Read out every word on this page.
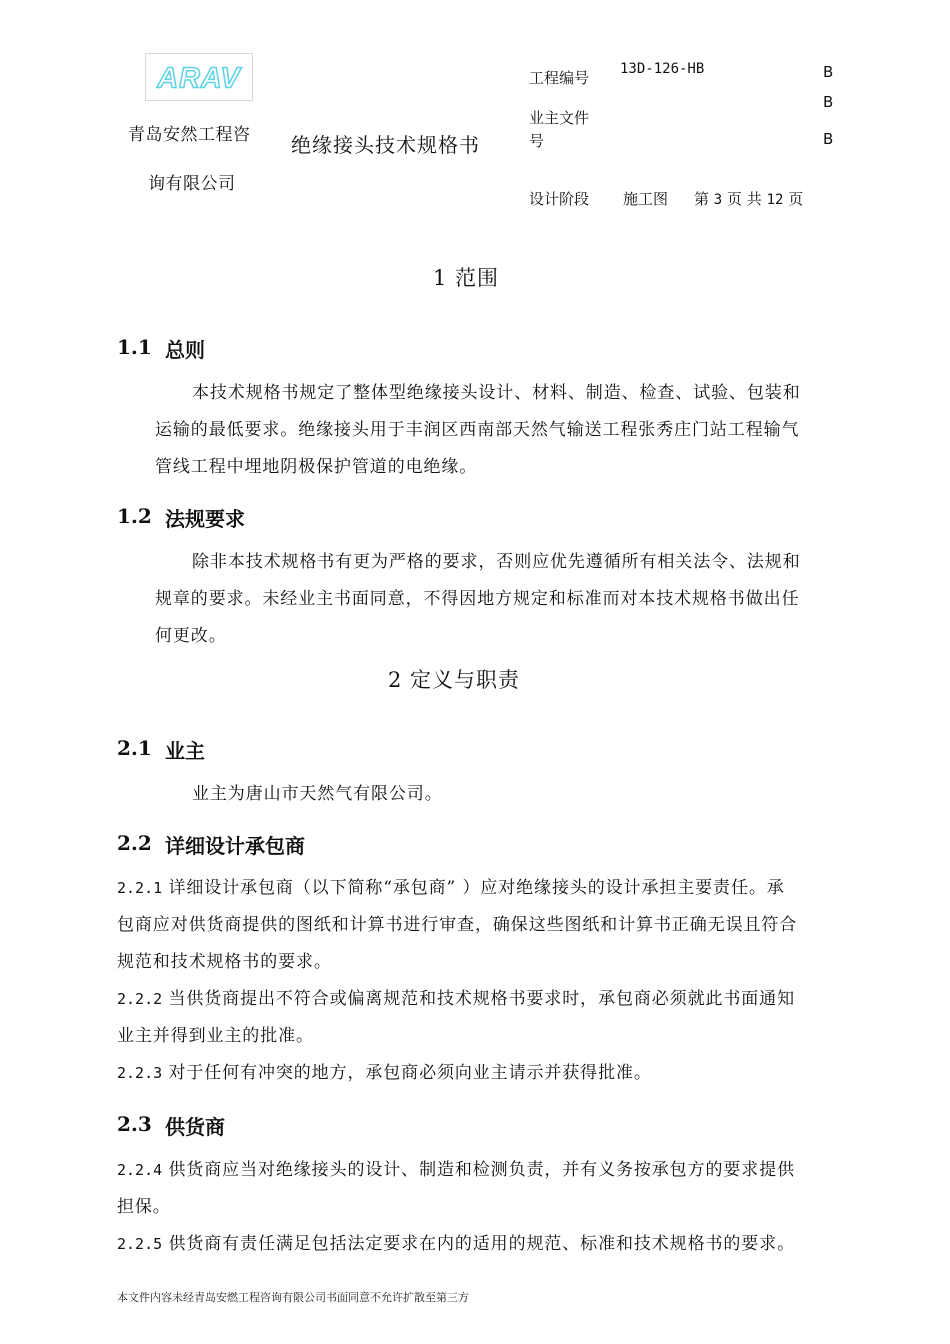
ARAV
青岛安然工程咨
询有限公司
绝缘接头技术规格书
工程编号 13D-126-HB
业主文件
号
设计阶段 施工图 第 3 页 共 12 页
B
B
B
1 范围
1.1 总则
本技术规格书规定了整体型绝缘接头设计、材料、制造、检查、试验、包装和
运输的最低要求。绝缘接头用于丰润区西南部天然气输送工程张秀庄门站工程输气
管线工程中埋地阴极保护管道的电绝缘。
1.2 法规要求
除非本技术规格书有更为严格的要求，否则应优先遵循所有相关法令、法规和
规章的要求。未经业主书面同意，不得因地方规定和标准而对本技术规格书做出任
何更改。
2 定义与职责
2.1 业主
业主为唐山市天然气有限公司。
2.2 详细设计承包商
2.2.1 详细设计承包商（以下简称“承包商” ）应对绝缘接头的设计承担主要责任。承
包商应对供货商提供的图纸和计算书进行审查，确保这些图纸和计算书正确无误且符合
规范和技术规格书的要求。
2.2.2 当供货商提出不符合或偏离规范和技术规格书要求时，承包商必须就此书面通知
业主并得到业主的批准。
2.2.3 对于任何有冲突的地方，承包商必须向业主请示并获得批准。
2.3 供货商
2.2.4 供货商应当对绝缘接头的设计、制造和检测负责，并有义务按承包方的要求提供
担保。
2.2.5 供货商有责任满足包括法定要求在内的适用的规范、标准和技术规格书的要求。
本文件内容未经青岛安燃工程咨询有限公司书面同意不允许扩散至第三方
